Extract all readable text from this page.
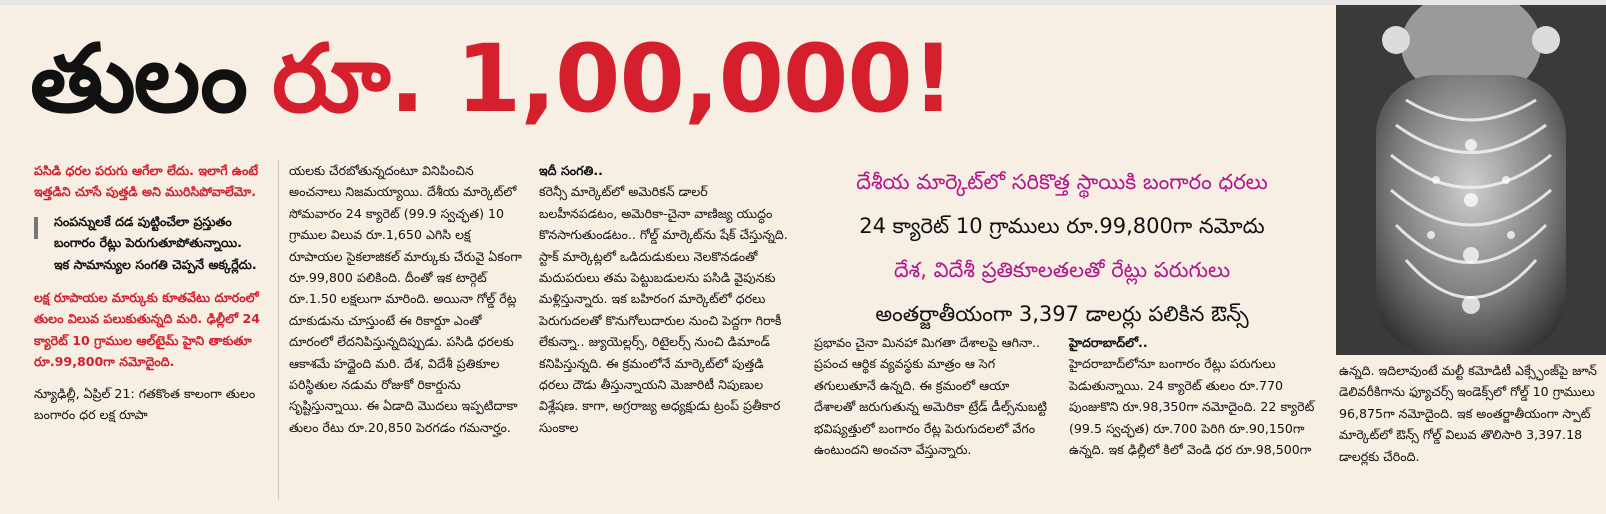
తులం రూ. 1,00,000!

పసిడి ధరల పరుగు ఆగేలా లేదు. ఇలాగే ఉంటే ఇత్తడిని చూసే పుత్తడి అని మురిసిపోవాలేమో.

సంపన్నులకే దడ పుట్టించేలా ప్రస్తుతం బంగారం రేట్లు పెరుగుతూపోతున్నాయి. ఇక సామాన్యుల సంగతి చెప్పనే అక్కర్లేదు.

లక్ష రూపాయల మార్కుకు కూతవేటు దూరంలో తులం విలువ పలుకుతున్నది మరి. ఢిల్లీలో 24 క్యారెట్ 10 గ్రాముల ఆల్‌టైమ్ హైని తాకుతూ రూ.99,800గా నమోదైంది.

న్యూఢిల్లీ, ఏప్రిల్ 21: గతకొంత కాలంగా తులం బంగారం ధర లక్ష రూపా

యలకు చేరబోతున్నదంటూ వినిపించిన అంచనాలు నిజమయ్యాయి. దేశీయ మార్కెట్‌లో సోమవారం 24 క్యారెట్ (99.9 స్వచ్ఛత) 10 గ్రాముల విలువ రూ.1,650 ఎగిసి లక్ష రూపాయల సైకలాజికల్ మార్కుకు చేరువై ఏకంగా రూ.99,800 పలికింది. దీంతో ఇక టార్గెట్ రూ.1.50 లక్షలుగా మారింది. అయినా గోల్డ్ రేట్ల దూకుడును చూస్తుంటే ఈ రికార్డూ ఎంతో దూరంలో లేదనిపిస్తున్నదిప్పుడు. పసిడి ధరలకు ఆకాశమే హద్దైంది మరి. దేశ, విదేశీ ప్రతికూల పరిస్థితుల నడుమ రోజుకో రికార్డును సృష్టిస్తున్నాయి. ఈ ఏడాది మొదలు ఇప్పటిదాకా తులం రేటు రూ.20,850 పెరగడం గమనార్హం.

ఇదీ సంగతి..

కరెన్సీ మార్కెట్‌లో అమెరికన్ డాలర్ బలహీనపడటం, అమెరికా-చైనా వాణిజ్య యుద్ధం కొనసాగుతుండటం.. గోల్డ్ మార్కెట్‌ను షేక్ చేస్తున్నది. స్టాక్ మార్కెట్లలో ఒడిదుడుకులు నెలకొనడంతో మదుపరులు తమ పెట్టుబడులను పసిడి వైపునకు మళ్లిస్తున్నారు. ఇక బహిరంగ మార్కెట్‌లో ధరలు పెరుగుదలతో కొనుగోలుదారుల నుంచి పెద్దగా గిరాకీ లేకున్నా.. జ్యుయెల్లర్స్, రిటైలర్స్ నుంచి డిమాండ్ కనిపిస్తున్నది. ఈ క్రమంలోనే మార్కెట్‌లో పుత్తడి ధరలు దౌడు తీస్తున్నాయని మెజారిటీ నిపుణుల విశ్లేషణ. కాగా, అగ్రరాజ్య అధ్యక్షుడు ట్రంప్ ప్రతీకార సుంకాల

దేశీయ మార్కెట్‌లో సరికొత్త స్థాయికి బంగారం ధరలు
24 క్యారెట్ 10 గ్రాములు రూ.99,800గా నమోదు
దేశ, విదేశీ ప్రతికూలతలతో రేట్లు పరుగులు
అంతర్జాతీయంగా 3,397 డాలర్లు పలికిన ఔన్స్

ప్రభావం చైనా మినహా మిగతా దేశాలపై ఆగినా.. ప్రపంచ ఆర్థిక వ్యవస్థకు మాత్రం ఆ సెగ తగులుతూనే ఉన్నది. ఈ క్రమంలో ఆయా దేశాలతో జరుగుతున్న అమెరికా ట్రేడ్ డీల్స్‌నుబట్టి భవిష్యత్తులో బంగారం రేట్ల పెరుగుదలలో వేగం ఉంటుందని అంచనా వేస్తున్నారు.

హైదరాబాద్‌లో..

హైదరాబాద్‌లోనూ బంగారం రేట్లు పరుగులు పెడుతున్నాయి. 24 క్యారెట్ తులం రూ.770 పుంజుకొని రూ.98,350గా నమోదైంది. 22 క్యారెట్ (99.5 స్వచ్ఛత) రూ.700 పెరిగి రూ.90,150గా ఉన్నది. ఇక ఢిల్లీలో కిలో వెండి ధర రూ.98,500గా

ఉన్నది. ఇదిలావుంటే మల్టీ కమోడిటీ ఎక్స్ఛేంజ్‌పై జూన్ డెలివరీకిగాను ఫ్యూచర్స్ ఇండెక్స్‌లో గోల్డ్ 10 గ్రాములు 96,875గా నమోదైంది. ఇక అంతర్జాతీయంగా స్పాట్ మార్కెట్‌లో ఔన్స్ గోల్డ్ విలువ తొలిసారి 3,397.18 డాలర్లకు చేరింది.
